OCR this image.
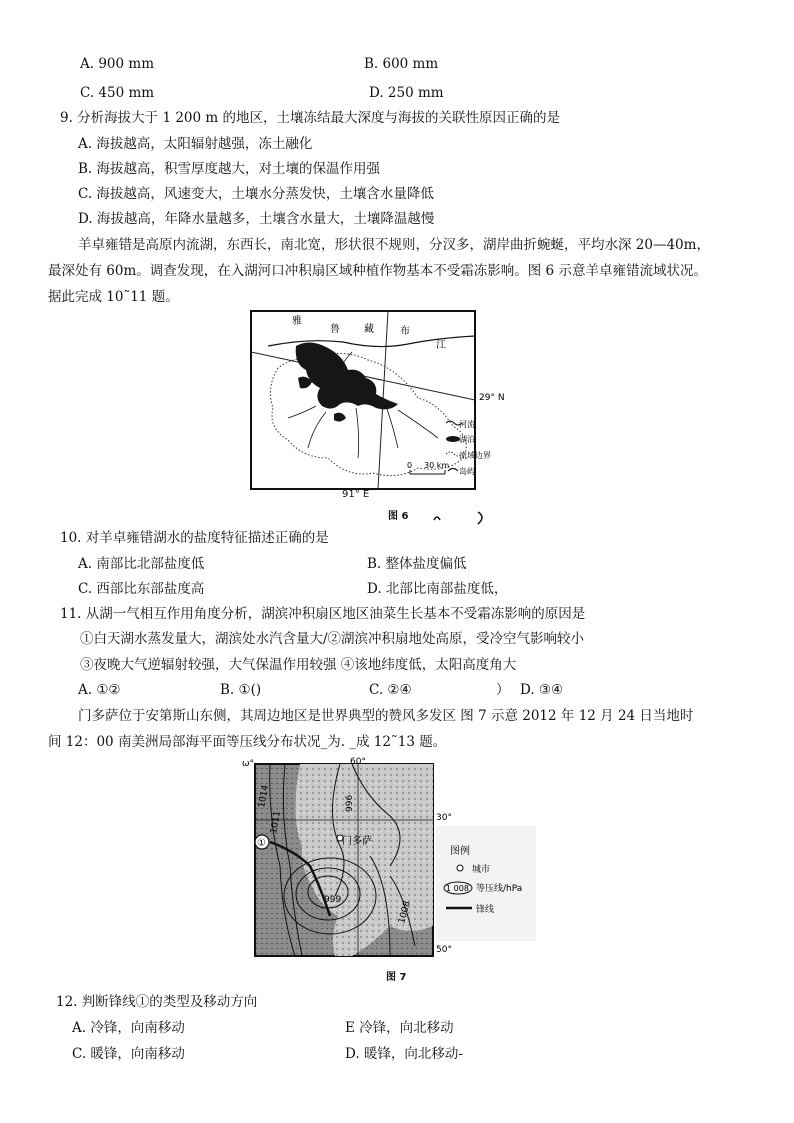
A. 900 mm	B. 600 mm
C. 450 mm	D. 250 mm
9. 分析海拔大于 1 200 m 的地区，土壤冻结最大深度与海拔的关联性原因正确的是
A. 海拔越高，太阳辐射越强，冻土融化
B. 海拔越高，积雪厚度越大，对土壤的保温作用强
C. 海拔越高，风速变大，土壤水分蒸发快，土壤含水量降低
D. 海拔越高，年降水量越多，土壤含水量大，土壤降温越慢
羊卓雍错是高原内流湖，东西长，南北宽，形状很不规则，分汊多，湖岸曲折蜿蜒，平均水深 20—40m，
最深处有 60m。调查发现，在入湖河口冲积扇区域种植作物基本不受霜冻影响。图 6 示意羊卓雍错流域状况。
据此完成 10˜11 题。
雅
鲁 藏	布
江
29° N
河流
湖泊
流域边界
岛屿
0 30 km
91° E
图 6
10. 对羊卓雍错湖水的盐度特征描述正确的是
A. 南部比北部盐度低	B. 整体盐度偏低
C. 西部比东部盐度高	D. 北部比南部盐度低，
11. 从湖一气相互作用角度分析，湖滨冲积扇区地区油菜生长基本不受霜冻影响的原因是
①白天湖水蒸发量大，湖滨处水汽含量大/②湖滨冲积扇地处高原，受冷空气影响较小
③夜晚大气逆辐射较强，大气保温作用较强 ④该地纬度低，太阳高度角大
A. ①②	B. ①()	C. ②④	） D. ③④
门多萨位于安第斯山东侧，其周边地区是世界典型的赞风多发区 图 7 示意 2012 年 12 月 24 日当地时
间 12：00 南美洲局部海平面等压线分布状况_为. _成 12˜13 题。
①	门多萨
1014
1011
996
999
1008
ω°	60°
30°
50°
图例
城市
1 008 等压线/hPa
锋线
图 7
12. 判断锋线①的类型及移动方向
A. 冷锋，向南移动	E 冷锋，向北移动
C. 暖锋，向南移动	D. 暖锋，向北移动-
